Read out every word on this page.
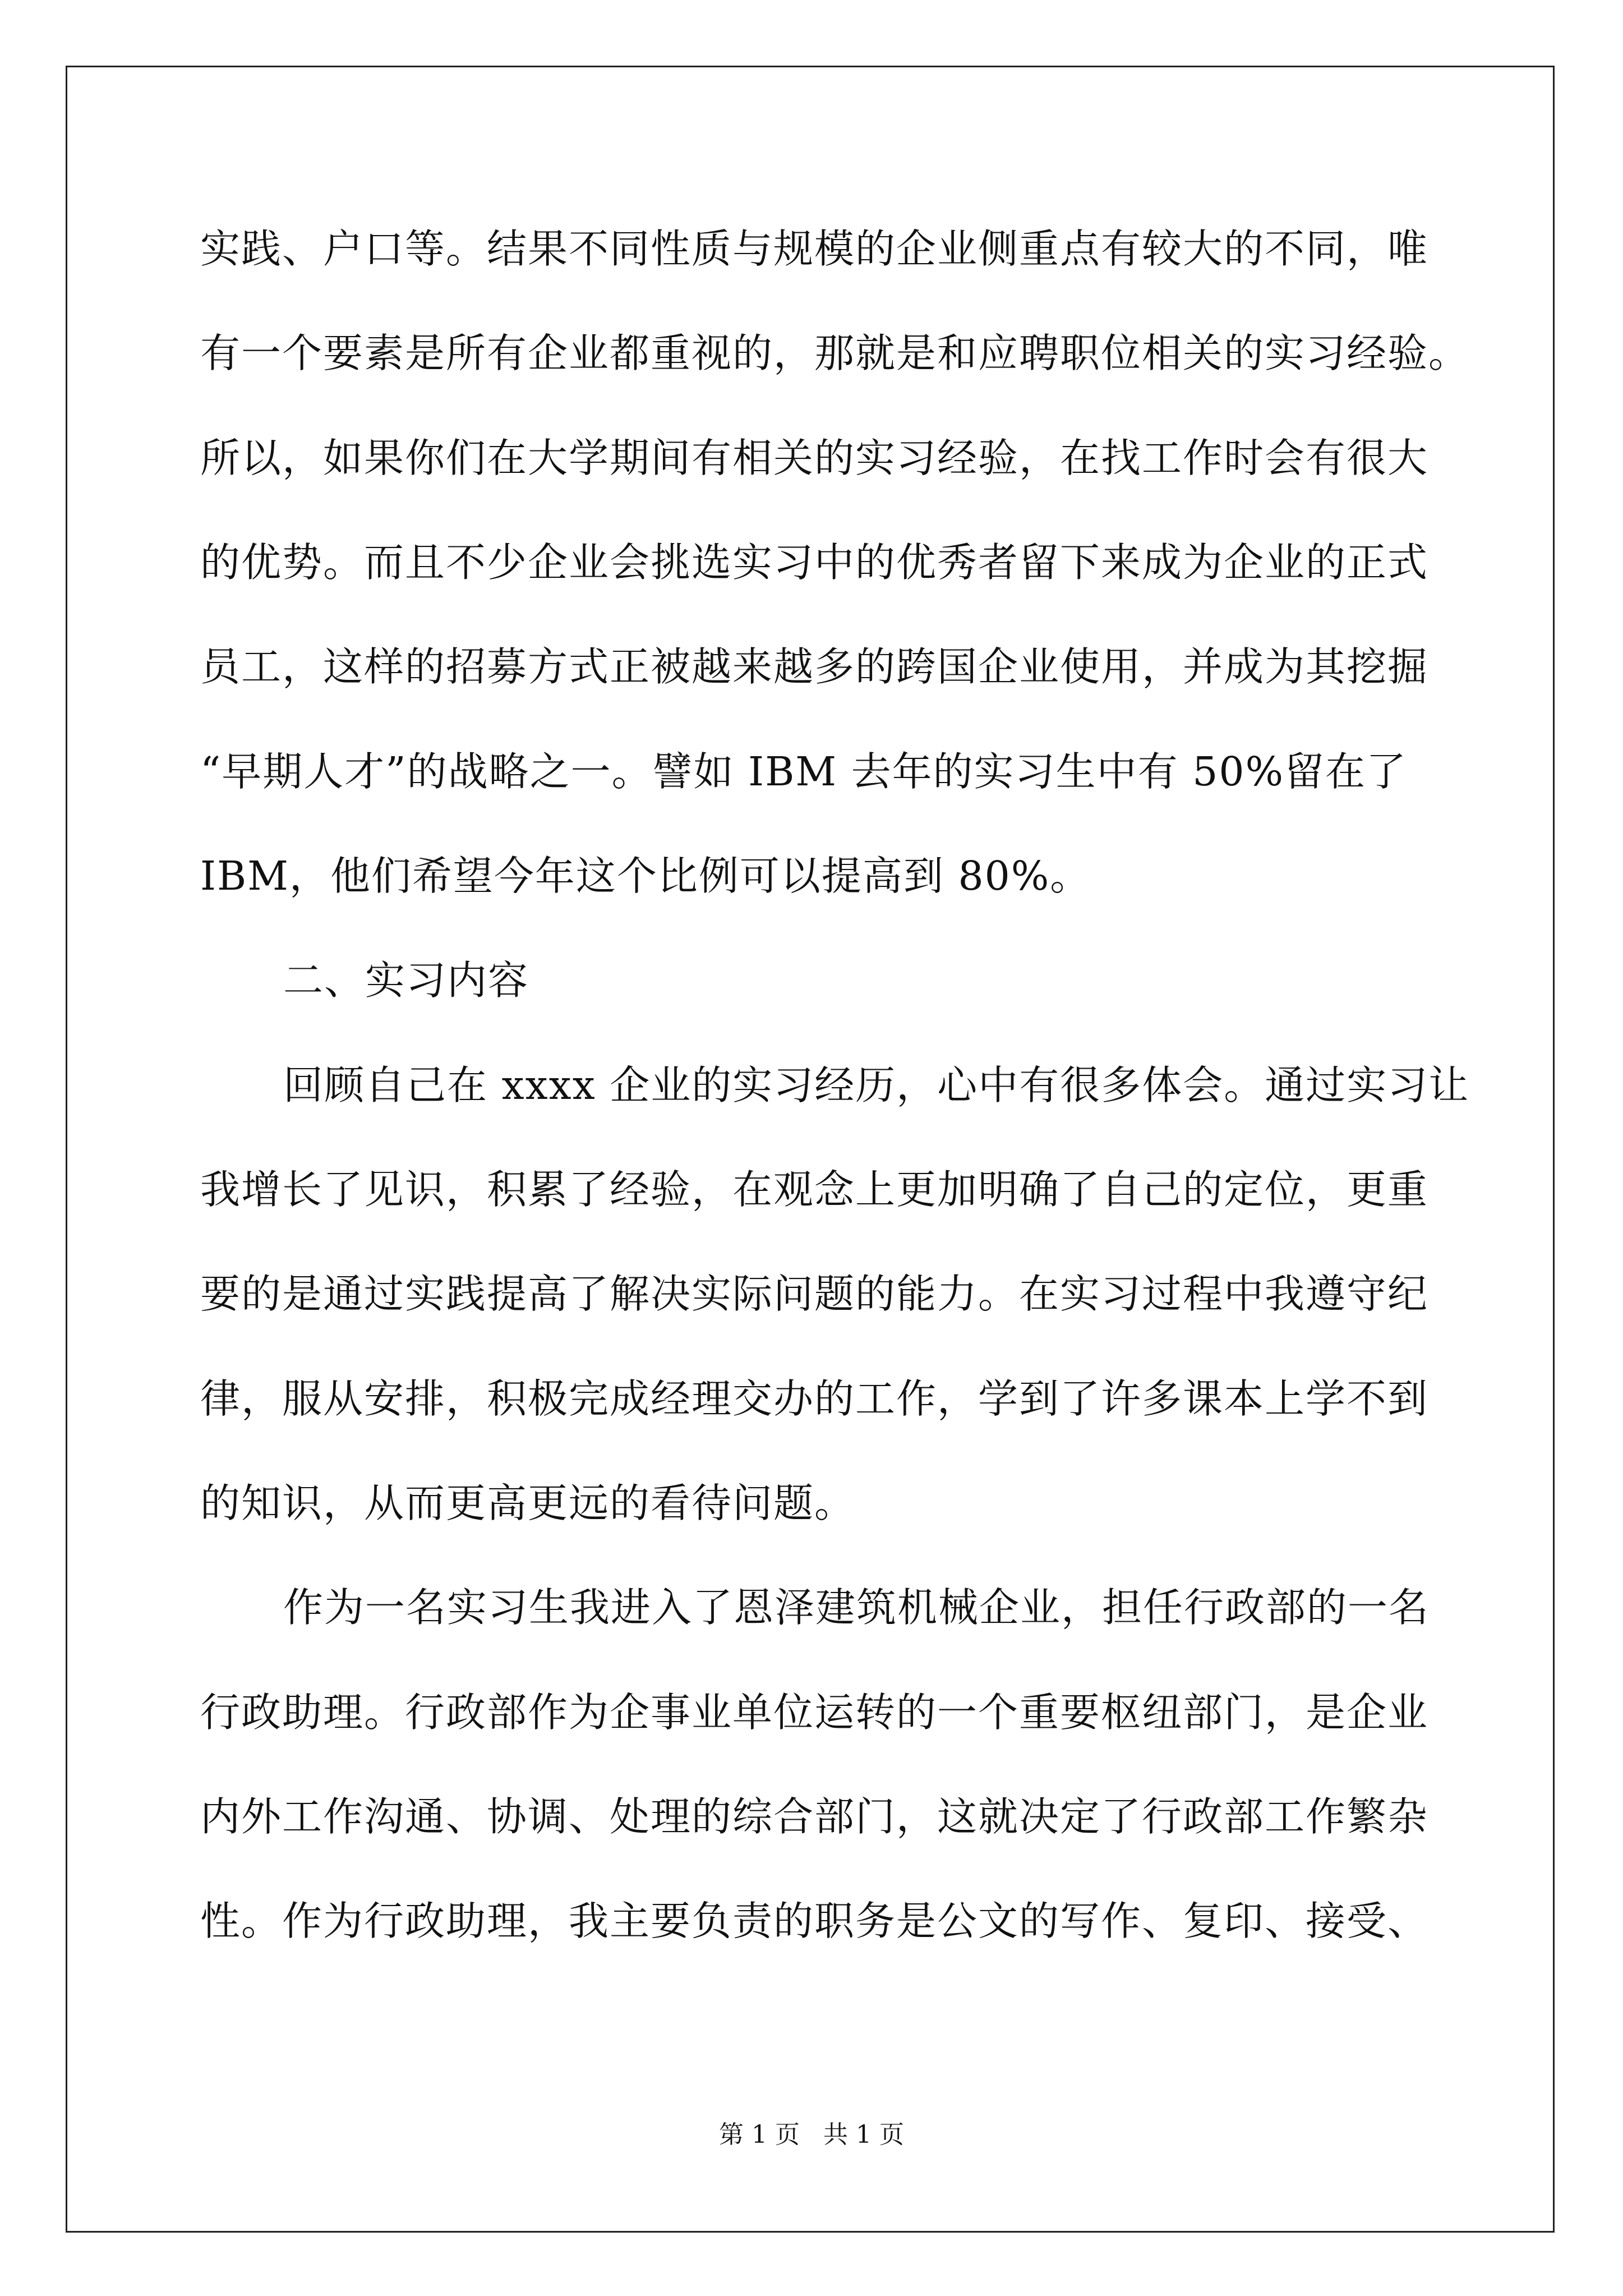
实践、户口等。结果不同性质与规模的企业侧重点有较大的不同，唯
有一个要素是所有企业都重视的，那就是和应聘职位相关的实习经验。
所以，如果你们在大学期间有相关的实习经验，在找工作时会有很大
的优势。而且不少企业会挑选实习中的优秀者留下来成为企业的正式
员工，这样的招募方式正被越来越多的跨国企业使用，并成为其挖掘
“早期人才”的战略之一。譬如 IBM 去年的实习生中有 50%留在了
IBM，他们希望今年这个比例可以提高到 80%。
二、实习内容
回顾自己在 xxxx 企业的实习经历，心中有很多体会。通过实习让
我增长了见识，积累了经验，在观念上更加明确了自己的定位，更重
要的是通过实践提高了解决实际问题的能力。在实习过程中我遵守纪
律，服从安排，积极完成经理交办的工作，学到了许多课本上学不到
的知识，从而更高更远的看待问题。
作为一名实习生我进入了恩泽建筑机械企业，担任行政部的一名
行政助理。行政部作为企事业单位运转的一个重要枢纽部门，是企业
内外工作沟通、协调、处理的综合部门，这就决定了行政部工作繁杂
性。作为行政助理，我主要负责的职务是公文的写作、复印、接受、
第 1 页   共 1 页
